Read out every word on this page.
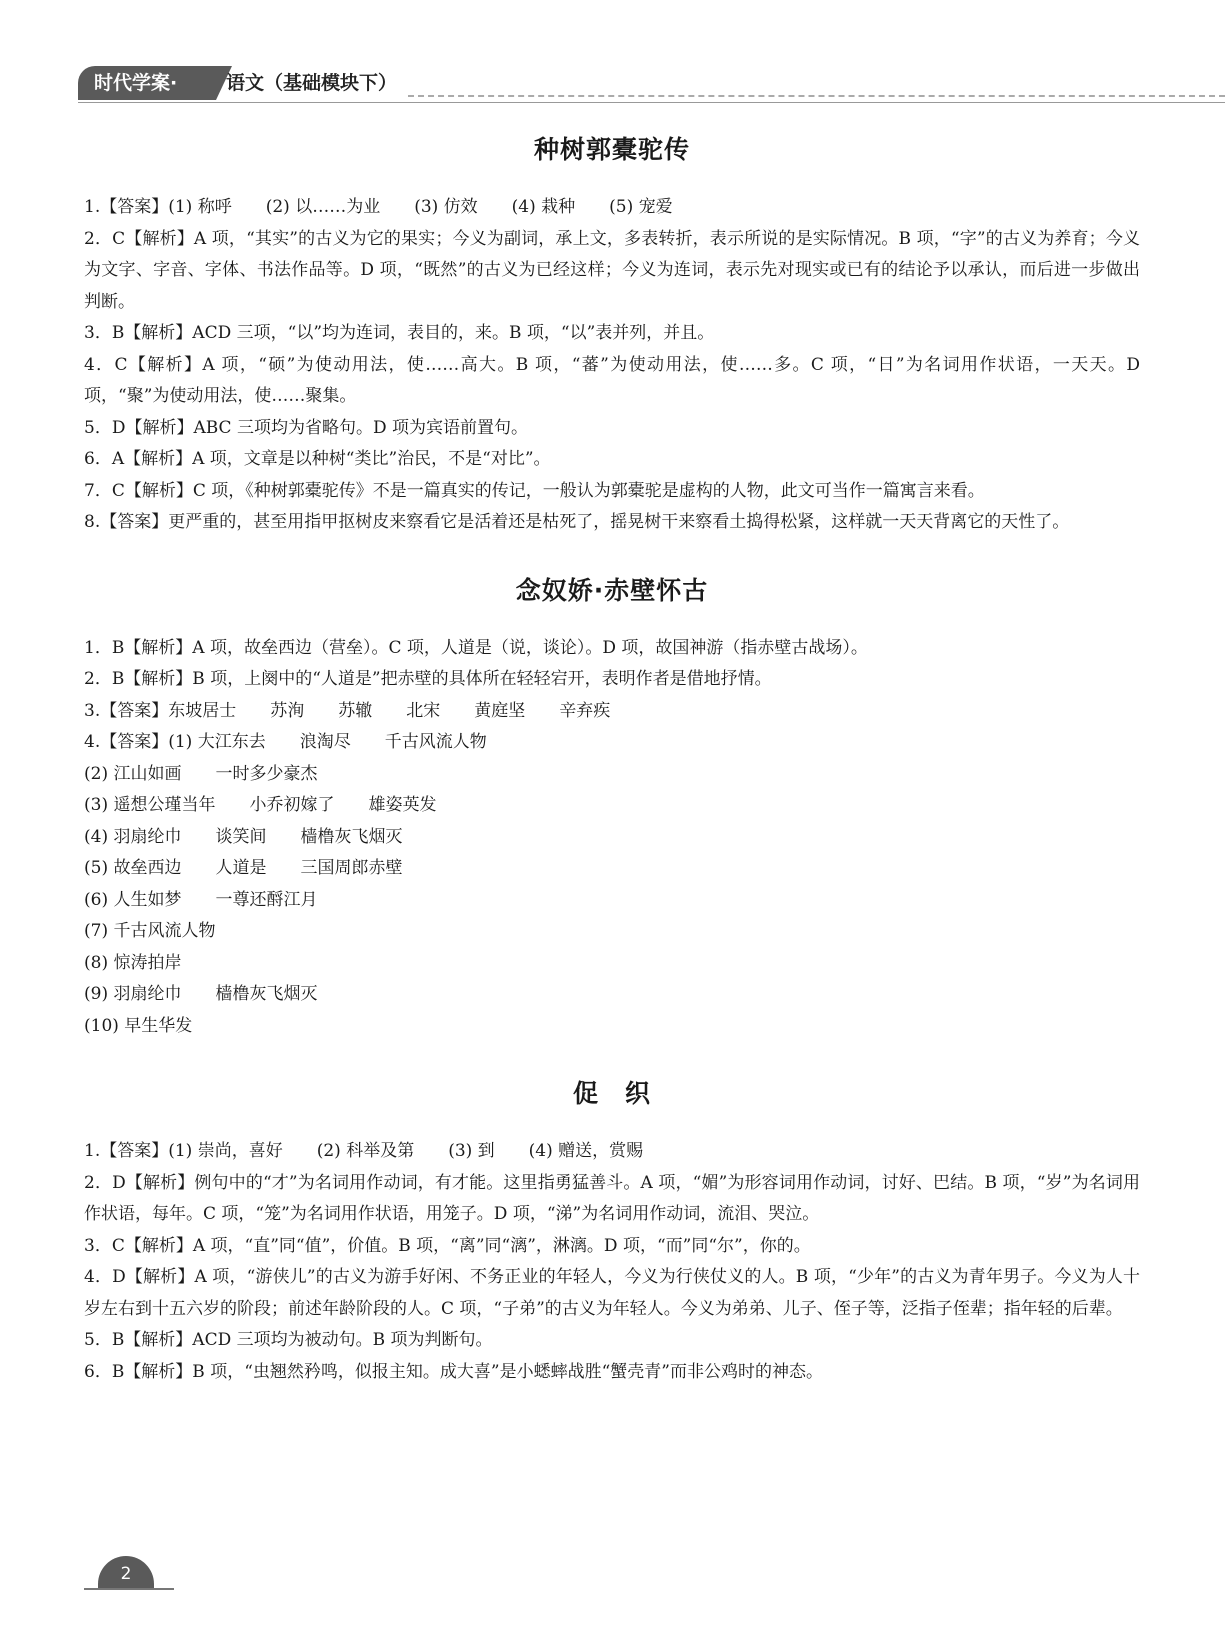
时代学案·	语文（基础模块下）
种树郭橐驼传

1.【答案】(1) 称呼　　(2) 以……为业　　(3) 仿效　　(4) 栽种　　(5) 宠爱

2．C【解析】A 项，“其实”的古义为它的果实；今义为副词，承上文，多表转折，表示所说的是实际情况。B 项，“字”的古义为养育；今义为文字、字音、字体、书法作品等。D 项，“既然”的古义为已经这样；今义为连词，表示先对现实或已有的结论予以承认，而后进一步做出判断。

3．B【解析】ACD 三项，“以”均为连词，表目的，来。B 项，“以”表并列，并且。

4．C【解析】A 项，“硕”为使动用法，使……高大。B 项，“蕃”为使动用法，使……多。C 项，“日”为名词用作状语，一天天。D 项，“聚”为使动用法，使……聚集。

5．D【解析】ABC 三项均为省略句。D 项为宾语前置句。

6．A【解析】A 项，文章是以种树“类比”治民，不是“对比”。

7．C【解析】C 项，《种树郭橐驼传》不是一篇真实的传记，一般认为郭橐驼是虚构的人物，此文可当作一篇寓言来看。

8.【答案】更严重的，甚至用指甲抠树皮来察看它是活着还是枯死了，摇晃树干来察看土捣得松紧，这样就一天天背离它的天性了。

念奴娇·赤壁怀古

1．B【解析】A 项，故垒西边（营垒）。C 项，人道是（说，谈论）。D 项，故国神游（指赤壁古战场）。

2．B【解析】B 项，上阕中的“人道是”把赤壁的具体所在轻轻宕开，表明作者是借地抒情。

3.【答案】东坡居士　　苏洵　　苏辙　　北宋　　黄庭坚　　辛弃疾

4.【答案】(1) 大江东去　　浪淘尽　　千古风流人物

(2) 江山如画　　一时多少豪杰

(3) 遥想公瑾当年　　小乔初嫁了　　雄姿英发

(4) 羽扇纶巾　　谈笑间　　樯橹灰飞烟灭

(5) 故垒西边　　人道是　　三国周郎赤壁

(6) 人生如梦　　一尊还酹江月

(7) 千古风流人物

(8) 惊涛拍岸

(9) 羽扇纶巾　　樯橹灰飞烟灭

(10) 早生华发

促　织

1.【答案】(1) 崇尚，喜好　　(2) 科举及第　　(3) 到　　(4) 赠送，赏赐

2．D【解析】例句中的“才”为名词用作动词，有才能。这里指勇猛善斗。A 项，“媚”为形容词用作动词，讨好、巴结。B 项，“岁”为名词用作状语，每年。C 项，“笼”为名词用作状语，用笼子。D 项，“涕”为名词用作动词，流泪、哭泣。

3．C【解析】A 项，“直”同“值”，价值。B 项，“离”同“漓”，淋漓。D 项，“而”同“尔”，你的。

4．D【解析】A 项，“游侠儿”的古义为游手好闲、不务正业的年轻人，今义为行侠仗义的人。B 项，“少年”的古义为青年男子。今义为人十岁左右到十五六岁的阶段；前述年龄阶段的人。C 项，“子弟”的古义为年轻人。今义为弟弟、儿子、侄子等，泛指子侄辈；指年轻的后辈。

5．B【解析】ACD 三项均为被动句。B 项为判断句。

6．B【解析】B 项，“虫翘然矜鸣，似报主知。成大喜”是小蟋蟀战胜“蟹壳青”而非公鸡时的神态。

2
